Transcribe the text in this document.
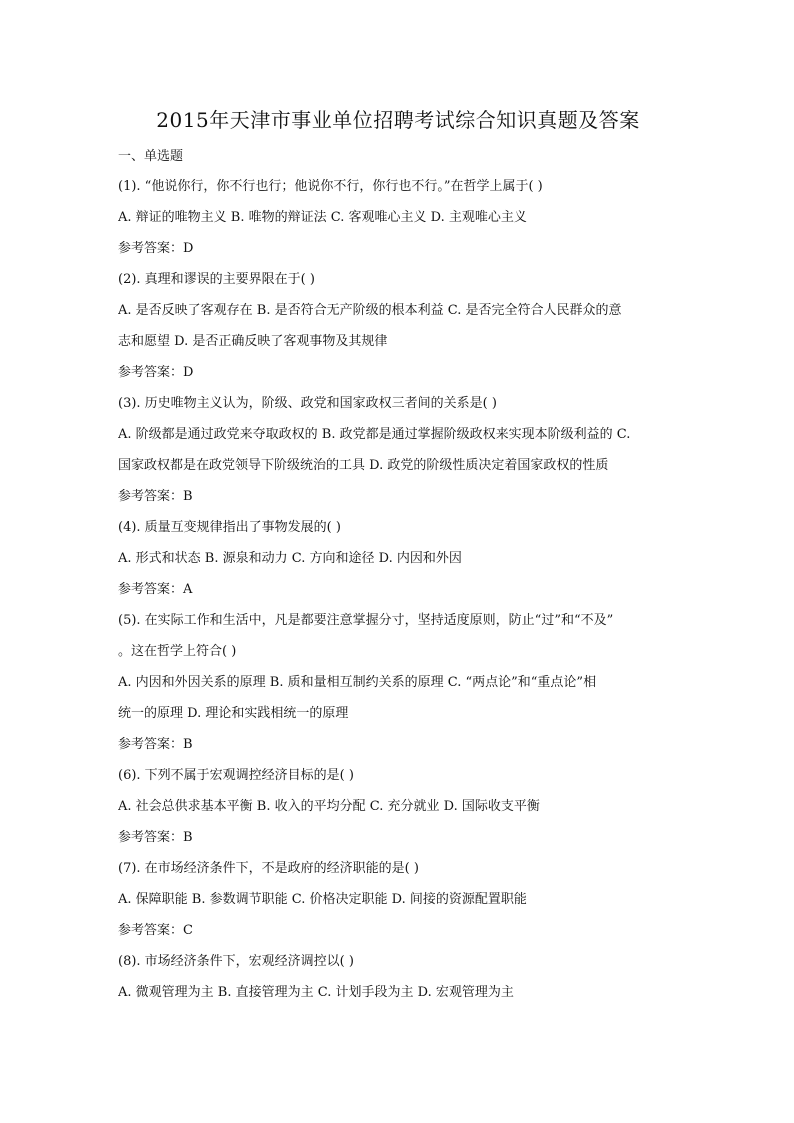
2015年天津市事业单位招聘考试综合知识真题及答案
一、单选题
(1). “他说你行，你不行也行；他说你不行，你行也不行。”在哲学上属于( )
A. 辩证的唯物主义 B. 唯物的辩证法 C. 客观唯心主义 D. 主观唯心主义
参考答案：D
(2). 真理和谬误的主要界限在于( )
A. 是否反映了客观存在 B. 是否符合无产阶级的根本利益 C. 是否完全符合人民群众的意
志和愿望 D. 是否正确反映了客观事物及其规律
参考答案：D
(3). 历史唯物主义认为，阶级、政党和国家政权三者间的关系是( )
A. 阶级都是通过政党来夺取政权的 B. 政党都是通过掌握阶级政权来实现本阶级利益的 C.
国家政权都是在政党领导下阶级统治的工具 D. 政党的阶级性质决定着国家政权的性质
参考答案：B
(4). 质量互变规律指出了事物发展的( )
A. 形式和状态 B. 源泉和动力 C. 方向和途径 D. 内因和外因
参考答案：A
(5). 在实际工作和生活中，凡是都要注意掌握分寸，坚持适度原则，防止“过”和“不及”
。这在哲学上符合( )
A. 内因和外因关系的原理 B. 质和量相互制约关系的原理 C. “两点论”和“重点论”相
统一的原理 D. 理论和实践相统一的原理
参考答案：B
(6). 下列不属于宏观调控经济目标的是( )
A. 社会总供求基本平衡 B. 收入的平均分配 C. 充分就业 D. 国际收支平衡
参考答案：B
(7). 在市场经济条件下，不是政府的经济职能的是( )
A. 保障职能 B. 参数调节职能 C. 价格决定职能 D. 间接的资源配置职能
参考答案：C
(8). 市场经济条件下，宏观经济调控以( )
A. 微观管理为主 B. 直接管理为主 C. 计划手段为主 D. 宏观管理为主
